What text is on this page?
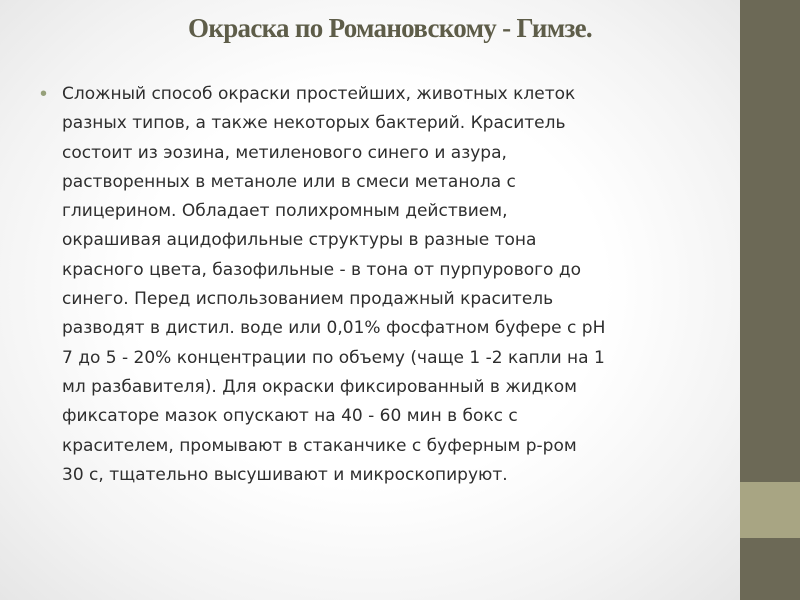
Окраска по Романовскому - Гимзе.
• Сложный способ окраски простейших, животных клеток
разных типов, а также некоторых бактерий. Краситель
состоит из эозина, метиленового синего и азура,
растворенных в метаноле или в смеси метанола с
глицерином. Обладает полихромным действием,
окрашивая ацидофильные структуры в разные тона
красного цвета, базофильные - в тона от пурпурового до
синего. Перед использованием продажный краситель
разводят в дистил. воде или 0,01% фосфатном буфере с рН
7 до 5 - 20% концентрации по объему (чаще 1 -2 капли на 1
мл разбавителя). Для окраски фиксированный в жидком
фиксаторе мазок опускают на 40 - 60 мин в бокс с
красителем, промывают в стаканчике с буферным р-ром
30 с, тщательно высушивают и микроскопируют.
